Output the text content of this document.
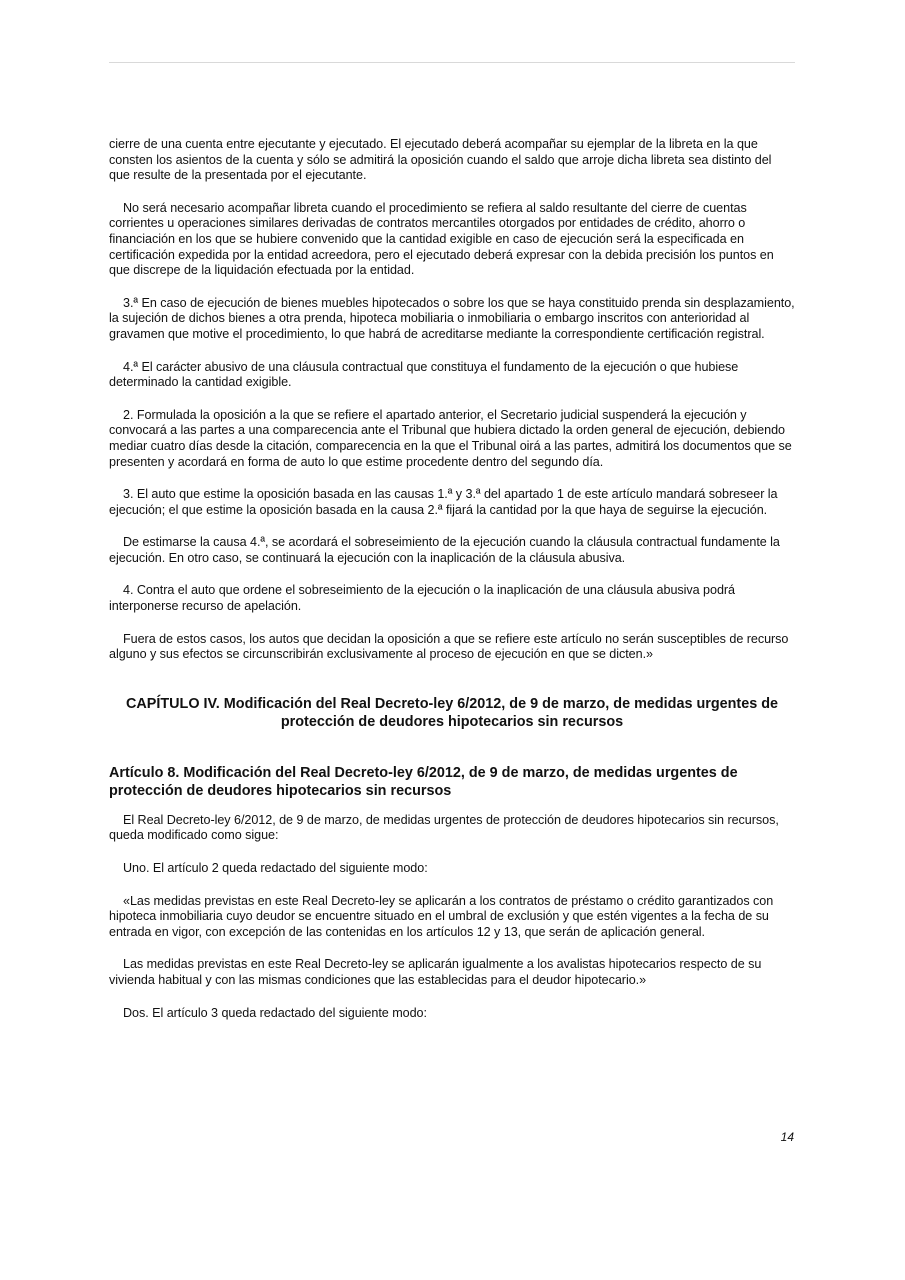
cierre de una cuenta entre ejecutante y ejecutado. El ejecutado deberá acompañar su ejemplar de la libreta en la que consten los asientos de la cuenta y sólo se admitirá la oposición cuando el saldo que arroje dicha libreta sea distinto del que resulte de la presentada por el ejecutante.

No será necesario acompañar libreta cuando el procedimiento se refiera al saldo resultante del cierre de cuentas corrientes u operaciones similares derivadas de contratos mercantiles otorgados por entidades de crédito, ahorro o financiación en los que se hubiere convenido que la cantidad exigible en caso de ejecución será la especificada en certificación expedida por la entidad acreedora, pero el ejecutado deberá expresar con la debida precisión los puntos en que discrepe de la liquidación efectuada por la entidad.

3.ª En caso de ejecución de bienes muebles hipotecados o sobre los que se haya constituido prenda sin desplazamiento, la sujeción de dichos bienes a otra prenda, hipoteca mobiliaria o inmobiliaria o embargo inscritos con anterioridad al gravamen que motive el procedimiento, lo que habrá de acreditarse mediante la correspondiente certificación registral.

4.ª El carácter abusivo de una cláusula contractual que constituya el fundamento de la ejecución o que hubiese determinado la cantidad exigible.

2. Formulada la oposición a la que se refiere el apartado anterior, el Secretario judicial suspenderá la ejecución y convocará a las partes a una comparecencia ante el Tribunal que hubiera dictado la orden general de ejecución, debiendo mediar cuatro días desde la citación, comparecencia en la que el Tribunal oirá a las partes, admitirá los documentos que se presenten y acordará en forma de auto lo que estime procedente dentro del segundo día.

3. El auto que estime la oposición basada en las causas 1.ª y 3.ª del apartado 1 de este artículo mandará sobreseer la ejecución; el que estime la oposición basada en la causa 2.ª fijará la cantidad por la que haya de seguirse la ejecución.

De estimarse la causa 4.ª, se acordará el sobreseimiento de la ejecución cuando la cláusula contractual fundamente la ejecución. En otro caso, se continuará la ejecución con la inaplicación de la cláusula abusiva.

4. Contra el auto que ordene el sobreseimiento de la ejecución o la inaplicación de una cláusula abusiva podrá interponerse recurso de apelación.

Fuera de estos casos, los autos que decidan la oposición a que se refiere este artículo no serán susceptibles de recurso alguno y sus efectos se circunscribirán exclusivamente al proceso de ejecución en que se dicten.»

CAPÍTULO IV. Modificación del Real Decreto-ley 6/2012, de 9 de marzo, de medidas urgentes de protección de deudores hipotecarios sin recursos
Artículo 8. Modificación del Real Decreto-ley 6/2012, de 9 de marzo, de medidas urgentes de protección de deudores hipotecarios sin recursos

El Real Decreto-ley 6/2012, de 9 de marzo, de medidas urgentes de protección de deudores hipotecarios sin recursos, queda modificado como sigue:

Uno. El artículo 2 queda redactado del siguiente modo:

«Las medidas previstas en este Real Decreto-ley se aplicarán a los contratos de préstamo o crédito garantizados con hipoteca inmobiliaria cuyo deudor se encuentre situado en el umbral de exclusión y que estén vigentes a la fecha de su entrada en vigor, con excepción de las contenidas en los artículos 12 y 13, que serán de aplicación general.

Las medidas previstas en este Real Decreto-ley se aplicarán igualmente a los avalistas hipotecarios respecto de su vivienda habitual y con las mismas condiciones que las establecidas para el deudor hipotecario.»

Dos. El artículo 3 queda redactado del siguiente modo:

14
